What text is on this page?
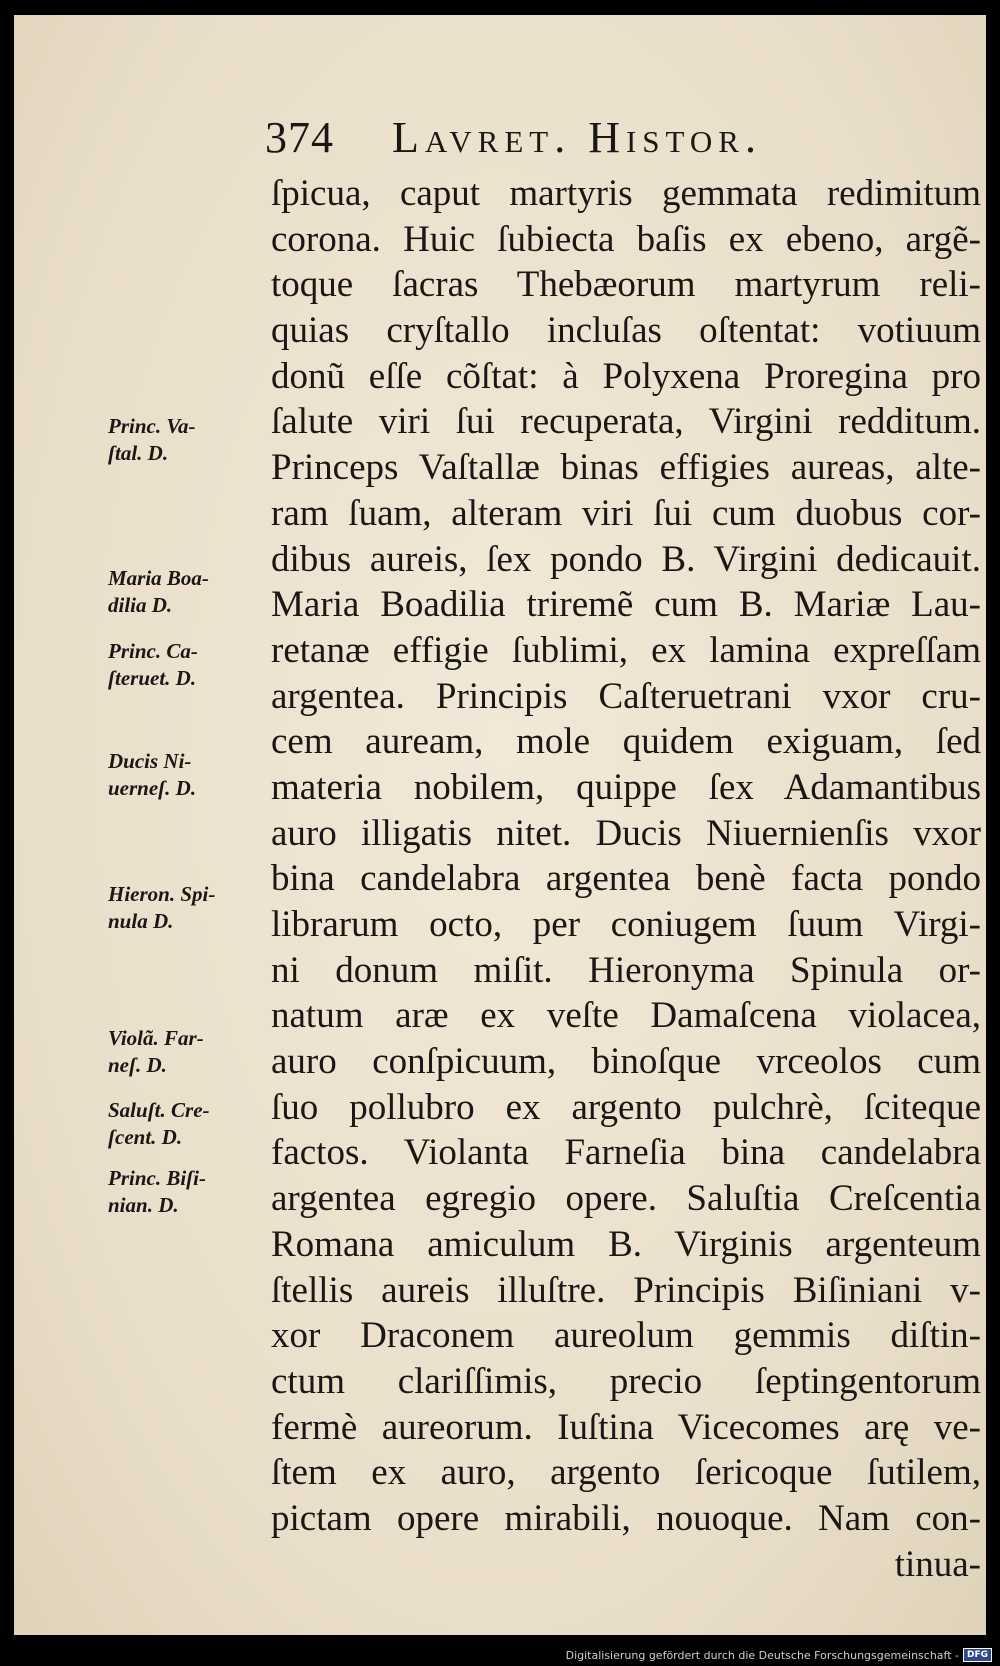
374 Lavret. Histor.
Princ. Va-
ſtal. D.
Maria Boa-
dilia D.
Princ. Ca-
ſteruet. D.
Ducis Ni-
uerneſ. D.
Hieron. Spi-
nula D.
Violã. Far-
neſ. D.
Saluſt. Cre-
ſcent. D.
Princ. Biſi-
nian. D.
ſpicua, caput martyris gemmata redimitum
corona. Huic ſubiecta baſis ex ebeno, argẽ-
toque ſacras Thebæorum martyrum reli-
quias cryſtallo incluſas oſtentat: votiuum
donũ eſſe cõſtat: à Polyxena Proregina pro
ſalute viri ſui recuperata, Virgini redditum.
Princeps Vaſtallæ binas effigies aureas, alte-
ram ſuam, alteram viri ſui cum duobus cor-
dibus aureis, ſex pondo B. Virgini dedicauit.
Maria Boadilia triremẽ cum B. Mariæ Lau-
retanæ effigie ſublimi, ex lamina expreſſam
argentea. Principis Caſteruetrani vxor cru-
cem auream, mole quidem exiguam, ſed
materia nobilem, quippe ſex Adamantibus
auro illigatis nitet. Ducis Niuernienſis vxor
bina candelabra argentea benè facta pondo
librarum octo, per coniugem ſuum Virgi-
ni donum miſit. Hieronyma Spinula or-
natum aræ ex veſte Damaſcena violacea,
auro conſpicuum, binoſque vrceolos cum
ſuo pollubro ex argento pulchrè, ſciteque
factos. Violanta Farneſia bina candelabra
argentea egregio opere. Saluſtia Creſcentia
Romana amiculum B. Virginis argenteum
ſtellis aureis illuſtre. Principis Biſiniani v-
xor Draconem aureolum gemmis diſtin-
ctum clariſſimis, precio ſeptingentorum
fermè aureorum. Iuſtina Vicecomes arę ve-
ſtem ex auro, argento ſericoque ſutilem,
pictam opere mirabili, nouoque. Nam con-
tinua-
Digitalisierung gefördert durch die Deutsche Forschungsgemeinschaft - DFG
